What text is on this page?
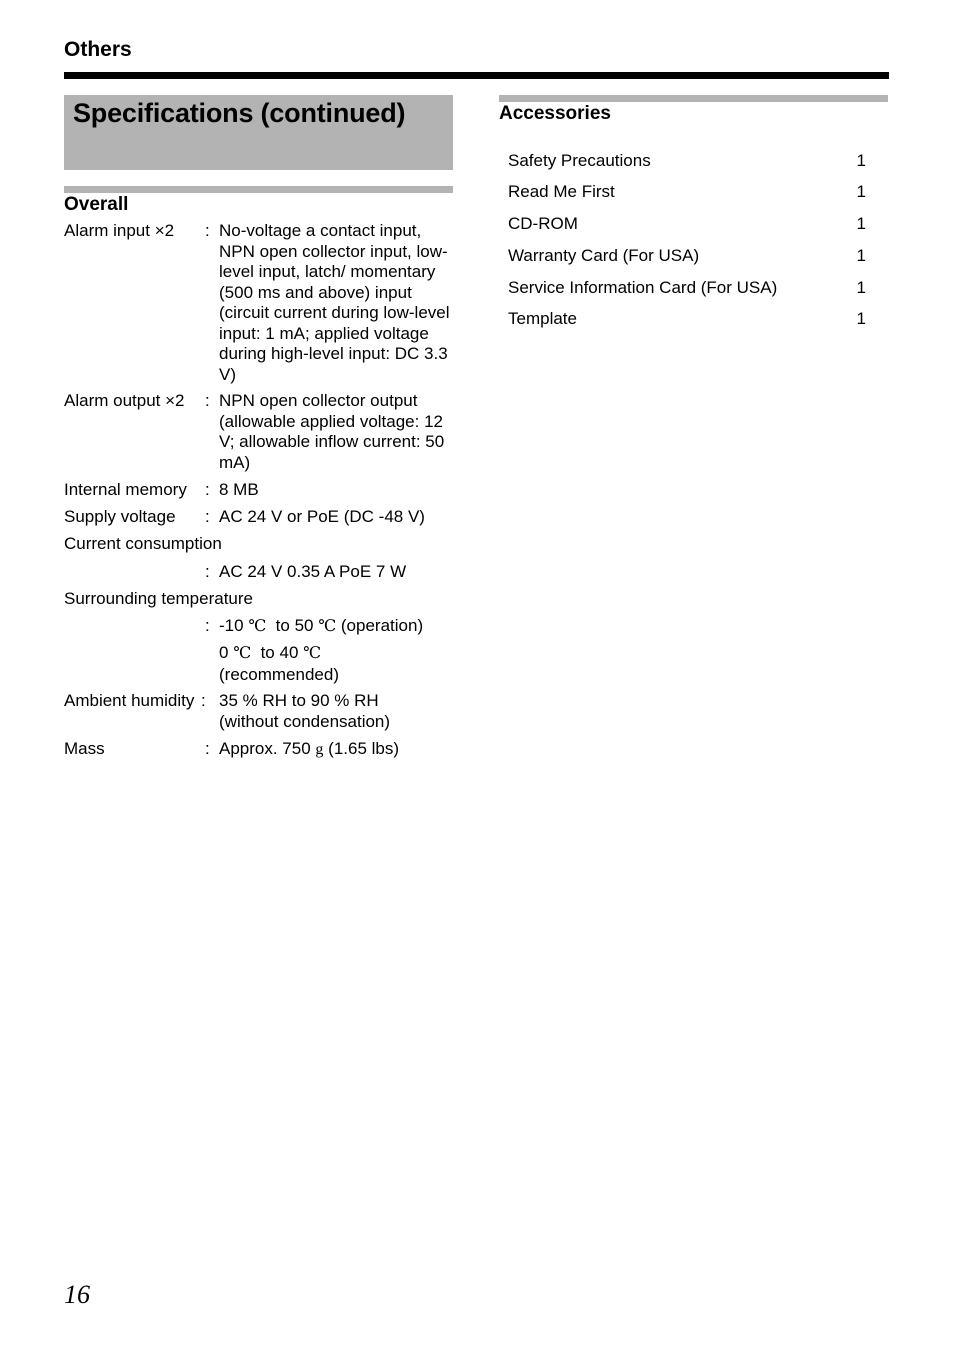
Others
Specifications (continued)
Overall
Accessories
Alarm input ×2 : No-voltage a contact input, NPN open collector input, low-level input, latch/ momentary (500 ms and above) input (circuit current during low-level input: 1 mA; applied voltage during high-level input: DC 3.3 V)
Alarm output ×2 : NPN open collector output (allowable applied voltage: 12 V; allowable inflow current: 50 mA)
Internal memory : 8 MB
Supply voltage : AC 24 V or PoE (DC -48 V)
Current consumption
: AC 24 V 0.35 A PoE 7 W
Surrounding temperature
: -10 ℃ to 50 ℃ (operation)
0 ℃ to 40 ℃
(recommended)
Ambient humidity : 35 % RH to 90 % RH (without condensation)
Mass	: Approx. 750 g (1.65 lbs)
Safety Precautions	1
Read Me First	1
CD-ROM	1
Warranty Card (For USA)	1
Service Information Card (For USA)	1
Template	1
16
